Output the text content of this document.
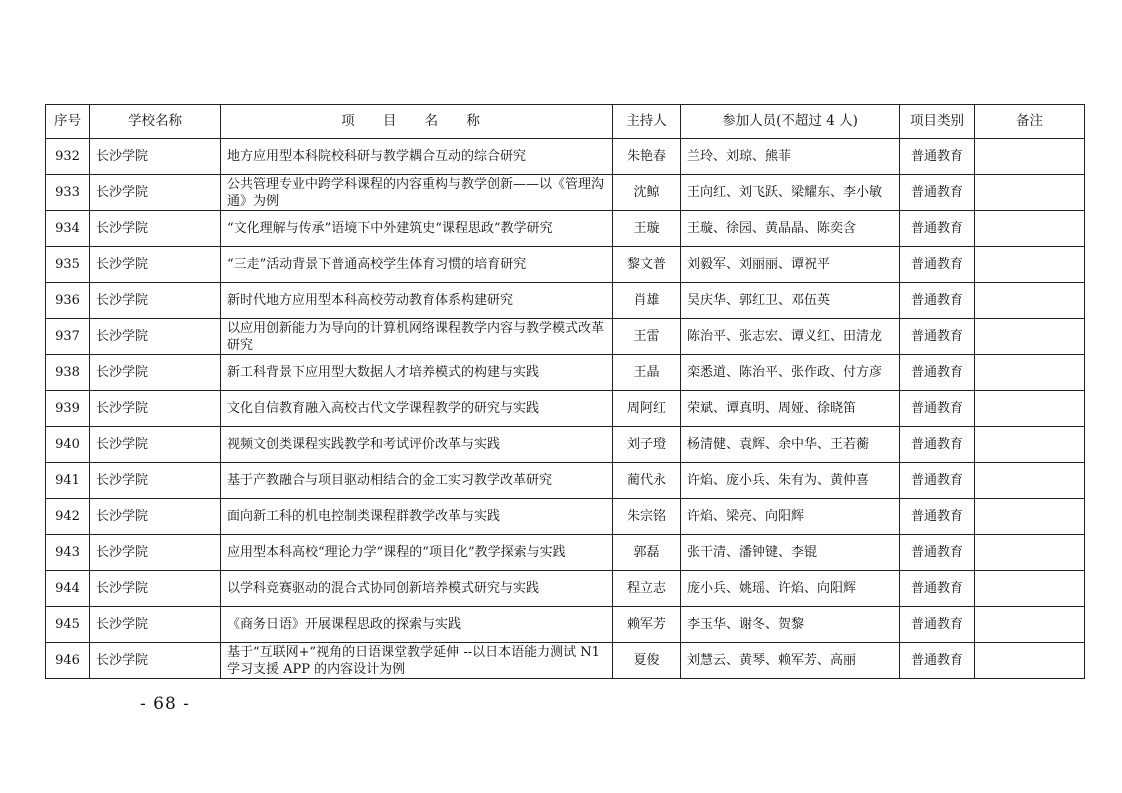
序号	学校名称	项 目 名 称	主持人	参加人员(不超过 4 人)	项目类别	备注
932	长沙学院	地方应用型本科院校科研与教学耦合互动的综合研究	朱艳春	兰玲、刘琼、熊菲	普通教育	
933	长沙学院	公共管理专业中跨学科课程的内容重构与教学创新——以《管理沟通》为例	沈鲸	王向红、刘飞跃、梁耀东、李小敏	普通教育	
934	长沙学院	“文化理解与传承”语境下中外建筑史“课程思政”教学研究	王璇	王璇、徐园、黄晶晶、陈奕含	普通教育	
935	长沙学院	“三走”活动背景下普通高校学生体育习惯的培育研究	黎文普	刘毅军、刘丽丽、谭祝平	普通教育	
936	长沙学院	新时代地方应用型本科高校劳动教育体系构建研究	肖雄	吴庆华、郭红卫、邓伍英	普通教育	
937	长沙学院	以应用创新能力为导向的计算机网络课程教学内容与教学模式改革研究	王雷	陈治平、张志宏、谭义红、田清龙	普通教育	
938	长沙学院	新工科背景下应用型大数据人才培养模式的构建与实践	王晶	栾悉道、陈治平、张作政、付方彦	普通教育	
939	长沙学院	文化自信教育融入高校古代文学课程教学的研究与实践	周阿红	荣斌、谭真明、周娅、徐晓笛	普通教育	
940	长沙学院	视频文创类课程实践教学和考试评价改革与实践	刘子璒	杨清健、袁辉、余中华、王若蘅	普通教育	
941	长沙学院	基于产教融合与项目驱动相结合的金工实习教学改革研究	蔺代永	许焰、庞小兵、朱有为、黄仲喜	普通教育	
942	长沙学院	面向新工科的机电控制类课程群教学改革与实践	朱宗铭	许焰、梁亮、向阳辉	普通教育	
943	长沙学院	应用型本科高校“理论力学”课程的“项目化”教学探索与实践	郭磊	张干清、潘钟键、李锟	普通教育	
944	长沙学院	以学科竞赛驱动的混合式协同创新培养模式研究与实践	程立志	庞小兵、姚瑶、许焰、向阳辉	普通教育	
945	长沙学院	《商务日语》开展课程思政的探索与实践	赖军芳	李玉华、谢冬、贺黎	普通教育	
946	长沙学院	基于“互联网+”视角的日语课堂教学延伸 --以日本语能力测试 N1 学习支援 APP 的内容设计为例	夏俊	刘慧云、黄琴、赖军芳、高丽	普通教育	
- 68 -
